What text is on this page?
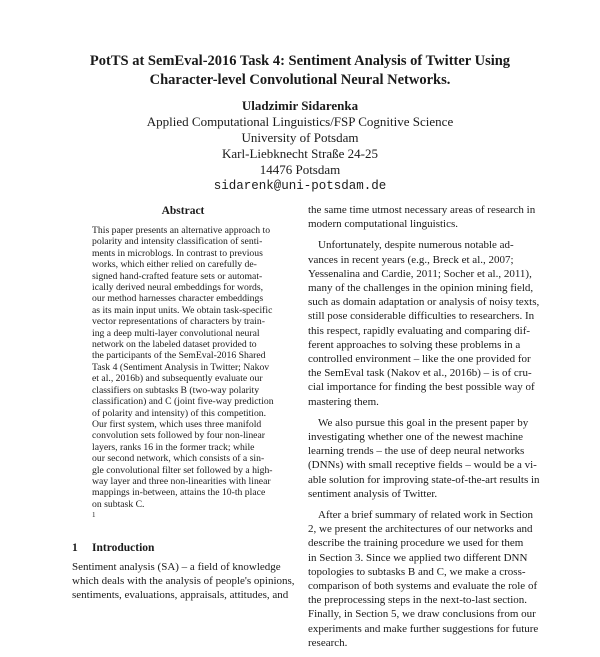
PotTS at SemEval-2016 Task 4: Sentiment Analysis of Twitter Using
Character-level Convolutional Neural Networks.
Uladzimir Sidarenka
Applied Computational Linguistics/FSP Cognitive Science
University of Potsdam
Karl-Liebknecht Straße 24-25
14476 Potsdam
sidarenk@uni-potsdam.de
Abstract
This paper presents an alternative approach to
polarity and intensity classification of senti-
ments in microblogs. In contrast to previous
works, which either relied on carefully de-
signed hand-crafted feature sets or automat-
ically derived neural embeddings for words,
our method harnesses character embeddings
as its main input units. We obtain task-specific
vector representations of characters by train-
ing a deep multi-layer convolutional neural
network on the labeled dataset provided to
the participants of the SemEval-2016 Shared
Task 4 (Sentiment Analysis in Twitter; Nakov
et al., 2016b) and subsequently evaluate our
classifiers on subtasks B (two-way polarity
classification) and C (joint five-way prediction
of polarity and intensity) of this competition.
Our first system, which uses three manifold
convolution sets followed by four non-linear
layers, ranks 16 in the former track; while
our second network, which consists of a sin-
gle convolutional filter set followed by a high-
way layer and three non-linearities with linear
mappings in-between, attains the 10-th place
on subtask C.
1
1 Introduction
Sentiment analysis (SA) – a field of knowledge
which deals with the analysis of people's opinions,
sentiments, evaluations, appraisals, attitudes, and
the same time utmost necessary areas of research in
modern computational linguistics.
Unfortunately, despite numerous notable ad-
vances in recent years (e.g., Breck et al., 2007;
Yessenalina and Cardie, 2011; Socher et al., 2011),
many of the challenges in the opinion mining field,
such as domain adaptation or analysis of noisy texts,
still pose considerable difficulties to researchers. In
this respect, rapidly evaluating and comparing dif-
ferent approaches to solving these problems in a
controlled environment – like the one provided for
the SemEval task (Nakov et al., 2016b) – is of cru-
cial importance for finding the best possible way of
mastering them.
We also pursue this goal in the present paper by
investigating whether one of the newest machine
learning trends – the use of deep neural networks
(DNNs) with small receptive fields – would be a vi-
able solution for improving state-of-the-art results in
sentiment analysis of Twitter.
After a brief summary of related work in Section
2, we present the architectures of our networks and
describe the training procedure we used for them
in Section 3. Since we applied two different DNN
topologies to subtasks B and C, we make a cross-
comparison of both systems and evaluate the role of
the preprocessing steps in the next-to-last section.
Finally, in Section 5, we draw conclusions from our
experiments and make further suggestions for future
research.
